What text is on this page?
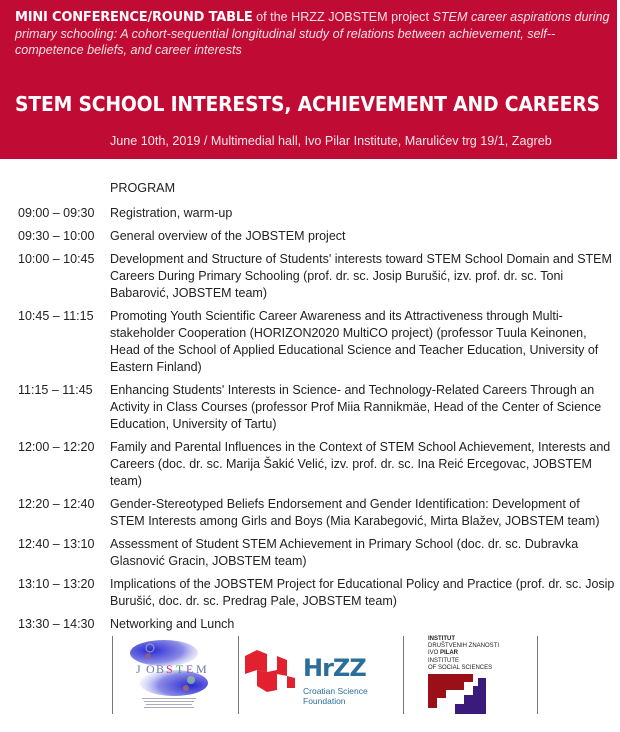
MINI CONFERENCE/ROUND TABLE of the HRZZ JOBSTEM project STEM career aspirations during primary schooling: A cohort-sequential longitudinal study of relations between achievement, self--competence beliefs, and career interests
STEM SCHOOL INTERESTS, ACHIEVEMENT AND CAREERS
June 10th, 2019 / Multimedial hall, Ivo Pilar Institute, Marulićev trg 19/1, Zagreb
PROGRAM
09:00 – 09:30	Registration, warm-up
09:30 – 10:00	General overview of the JOBSTEM project
10:00 – 10:45	Development and Structure of Students' interests toward STEM School Domain and STEM Careers During Primary Schooling (prof. dr. sc. Josip Burušić, izv. prof. dr. sc. Toni Babarović, JOBSTEM team)
10:45 – 11:15	Promoting Youth Scientific Career Awareness and its Attractiveness through Multi-stakeholder Cooperation (HORIZON2020 MultiCO project) (professor Tuula Keinonen, Head of the School of Applied Educational Science and Teacher Education, University of Eastern Finland)
11:15 – 11:45	Enhancing Students' Interests in Science- and Technology-Related Careers Through an Activity in Class Courses (professor Prof Miia Rannikmäe, Head of the Center of Science Education, University of Tartu)
12:00 – 12:20	Family and Parental Influences in the Context of STEM School Achievement, Interests and Careers (doc. dr. sc. Marija Šakić Velić, izv. prof. dr. sc. Ina Reić Ercegovac, JOBSTEM team)
12:20 – 12:40	Gender-Stereotyped Beliefs Endorsement and Gender Identification: Development of STEM Interests among Girls and Boys (Mia Karabegović, Mirta Blažev, JOBSTEM team)
12:40 – 13:10	Assessment of Student STEM Achievement in Primary School (doc. dr. sc. Dubravka Glasnović Gracin, JOBSTEM team)
13:10 – 13:20	Implications of the JOBSTEM Project for Educational Policy and Practice (prof. dr. sc. Josip Burušić, doc. dr. sc. Predrag Pale, JOBSTEM team)
13:30 – 14:30	Networking and Lunch
J O B S T E M	HrZZ
Croatian Science
Foundation
INSTITUT
DRUŠTVENIH ZNANOSTI
IVO PILAR
INSTITUTE
OF SOCIAL SCIENCES
